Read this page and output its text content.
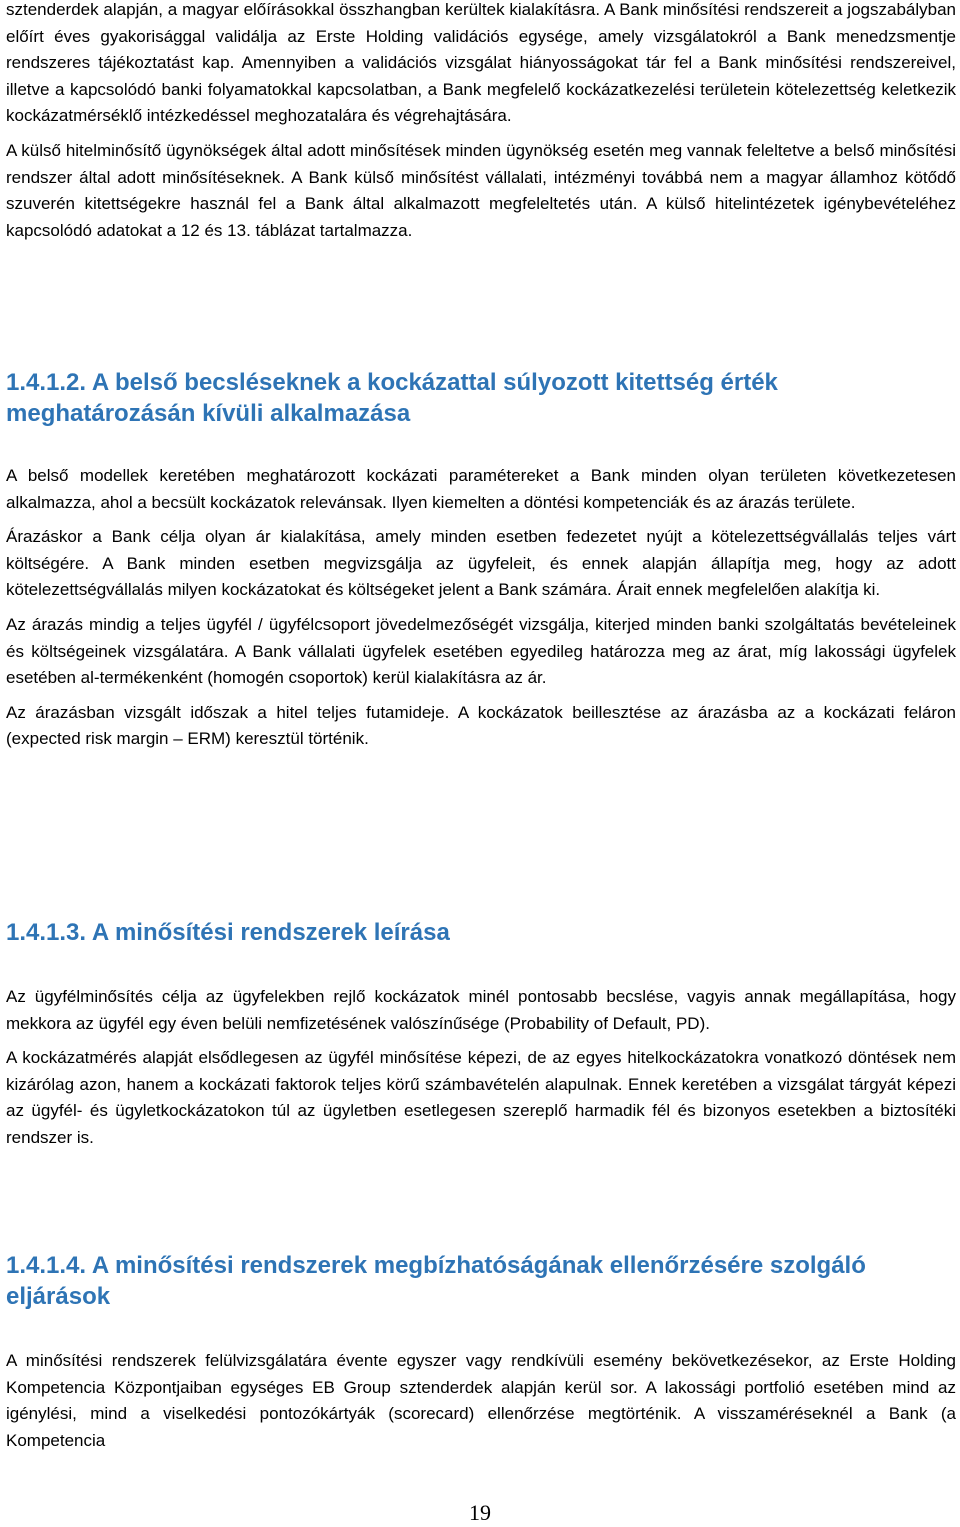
sztenderdek alapján, a magyar előírásokkal összhangban kerültek kialakításra. A Bank minősítési rendszereit a jogszabályban előírt éves gyakorisággal validálja az Erste Holding validációs egysége, amely vizsgálatokról a Bank menedzsmentje rendszeres tájékoztatást kap. Amennyiben a validációs vizsgálat hiányosságokat tár fel a Bank minősítési rendszereivel, illetve a kapcsolódó banki folyamatokkal kapcsolatban, a Bank megfelelő kockázatkezelési területein kötelezettség keletkezik kockázatmérséklő intézkedéssel meghozatalára és végrehajtására.

A külső hitelminősítő ügynökségek által adott minősítések minden ügynökség esetén meg vannak feleltetve a belső minősítési rendszer által adott minősítéseknek. A Bank külső minősítést vállalati, intézményi továbbá nem a magyar államhoz kötődő szuverén kitettségekre használ fel a Bank által alkalmazott megfeleltetés után. A külső hitelintézetek igénybevételéhez kapcsolódó adatokat a 12 és 13. táblázat tartalmazza.

1.4.1.2. A belső becsléseknek a kockázattal súlyozott kitettség érték meghatározásán kívüli alkalmazása

A belső modellek keretében meghatározott kockázati paramétereket a Bank minden olyan területen következetesen alkalmazza, ahol a becsült kockázatok relevánsak. Ilyen kiemelten a döntési kompetenciák és az árazás területe.

Árazáskor a Bank célja olyan ár kialakítása, amely minden esetben fedezetet nyújt a kötelezettségvállalás teljes várt költségére. A Bank minden esetben megvizsgálja az ügyfeleit, és ennek alapján állapítja meg, hogy az adott kötelezettségvállalás milyen kockázatokat és költségeket jelent a Bank számára. Árait ennek megfelelően alakítja ki.

Az árazás mindig a teljes ügyfél / ügyfélcsoport jövedelmezőségét vizsgálja, kiterjed minden banki szolgáltatás bevételeinek és költségeinek vizsgálatára. A Bank vállalati ügyfelek esetében egyedileg határozza meg az árat, míg lakossági ügyfelek esetében al-termékenként (homogén csoportok) kerül kialakításra az ár.

Az árazásban vizsgált időszak a hitel teljes futamideje. A kockázatok beillesztése az árazásba az a kockázati feláron (expected risk margin – ERM) keresztül történik.

1.4.1.3. A minősítési rendszerek leírása

Az ügyfélminősítés célja az ügyfelekben rejlő kockázatok minél pontosabb becslése, vagyis annak megállapítása, hogy mekkora az ügyfél egy éven belüli nemfizetésének valószínűsége (Probability of Default, PD).

A kockázatmérés alapját elsődlegesen az ügyfél minősítése képezi, de az egyes hitelkockázatokra vonatkozó döntések nem kizárólag azon, hanem a kockázati faktorok teljes körű számbavételén alapulnak. Ennek keretében a vizsgálat tárgyát képezi az ügyfél- és ügyletkockázatokon túl az ügyletben esetlegesen szereplő harmadik fél és bizonyos esetekben a biztosítéki rendszer is.

1.4.1.4. A minősítési rendszerek megbízhatóságának ellenőrzésére szolgáló eljárások

A minősítési rendszerek felülvizsgálatára évente egyszer vagy rendkívüli esemény bekövetkezésekor, az Erste Holding Kompetencia Központjaiban egységes EB Group sztenderdek alapján kerül sor. A lakossági portfolió esetében mind az igénylési, mind a viselkedési pontozókártyák (scorecard) ellenőrzése megtörténik. A visszaméréseknél a Bank (a Kompetencia

19
